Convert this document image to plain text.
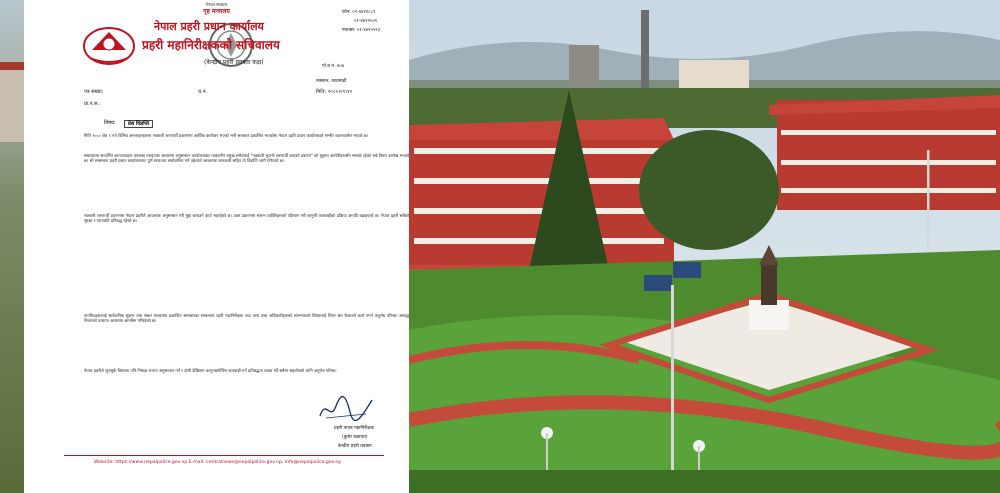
नेपाल सरकार
गृह मन्त्रालय
नेपाल प्रहरी प्रधान कार्यालय
प्रहरी महानिरीक्षकको सचिवालय
(केन्द्रीय प्रहरी प्रवक्ता कक्ष)
फोन: ०१-४४११८८९
०१-४४११५०१
फ्याक्स: ०१-४४१५५९३
पो.ब.नं. ४०७
नक्साल, काठमाडौं
पत्र संख्या:	च.नं.	मिति: २०८०।०९।१०
प्रा.प.स.:
विषय:	प्रेस विज्ञप्ति
मिति २०८० जेठ ९ गते विभिन्न अनलाइनहरूमा नक्कली शरणार्थी प्रकरणमा आर्थिक कारोबार भएको भनी समाचार प्रकाशित भएकोमा नेपाल प्रहरी प्रधान कार्यालयको गम्भीर ध्यानाकर्षण भएको छ।
समाचारमा सन्दर्भित कागजातहरू उपलब्ध गराइएका आधारमा अनुसन्धान कार्यालयबाट तत्कालीन प्रमुख समेतलाई "नक्कली भुटानी शरणार्थी बनाउने प्रकरण" को मुद्दामा आरोपीहरूसँग सम्पर्क रहेको भन्ने विषय उल्लेख भएको छ। सो सम्बन्धमा प्रहरी प्रधान कार्यालयबाट पूर्ण सत्यतथ्य सार्वजनिक गर्ने उद्देश्यले आवश्यक जानकारी सहित यो विज्ञप्ति जारी गरिएको छ।
नक्कली शरणार्थी प्रकरणमा नेपाल प्रहरीले आवश्यक अनुसन्धान गरी मुद्दा चलाउने कार्य भइरहेको छ। उक्त प्रकरणमा संलग्न व्यक्तिहरूको पहिचान गरी कानुनी कारबाहीको प्रक्रिया अगाडि बढाइएको छ। नेपाल प्रहरी सबैको सुरक्षा र न्यायप्रति प्रतिबद्ध रहेको छ।
नागरिकहरूलाई सार्वजनिक सूचना तथा संचार माध्यममा प्रकाशित समाचारका सम्बन्धमा प्रहरी महानिरीक्षक तथा अन्य उच्च अधिकारीहरूको संलग्नताको विषयलाई लिएर भ्रम फैलाउने कार्य नगर्न अनुरोध गरिन्छ। सम्बद्ध निकायले तथ्यगत आधारमा छानबिन गरिरहेको छ।
नेपाल प्रहरीले जुनसुकै विषयमा पनि निष्पक्ष रूपमा अनुसन्धान गर्ने र दोषी देखिएमा कानुनबमोजिम कारबाही गर्ने प्रतिबद्धता व्यक्त गर्दै सबैमा सहयोगको लागि अनुरोध गरिन्छ।
प्रहरी नायब महानिरीक्षक
(कुबेर कडायत)
केन्द्रीय प्रहरी प्रवक्ता
Website: https://www.nepalpolice.gov.np E-mail: centralnews@nepalpolice.gov.np, info@nepalpolice.gov.np
